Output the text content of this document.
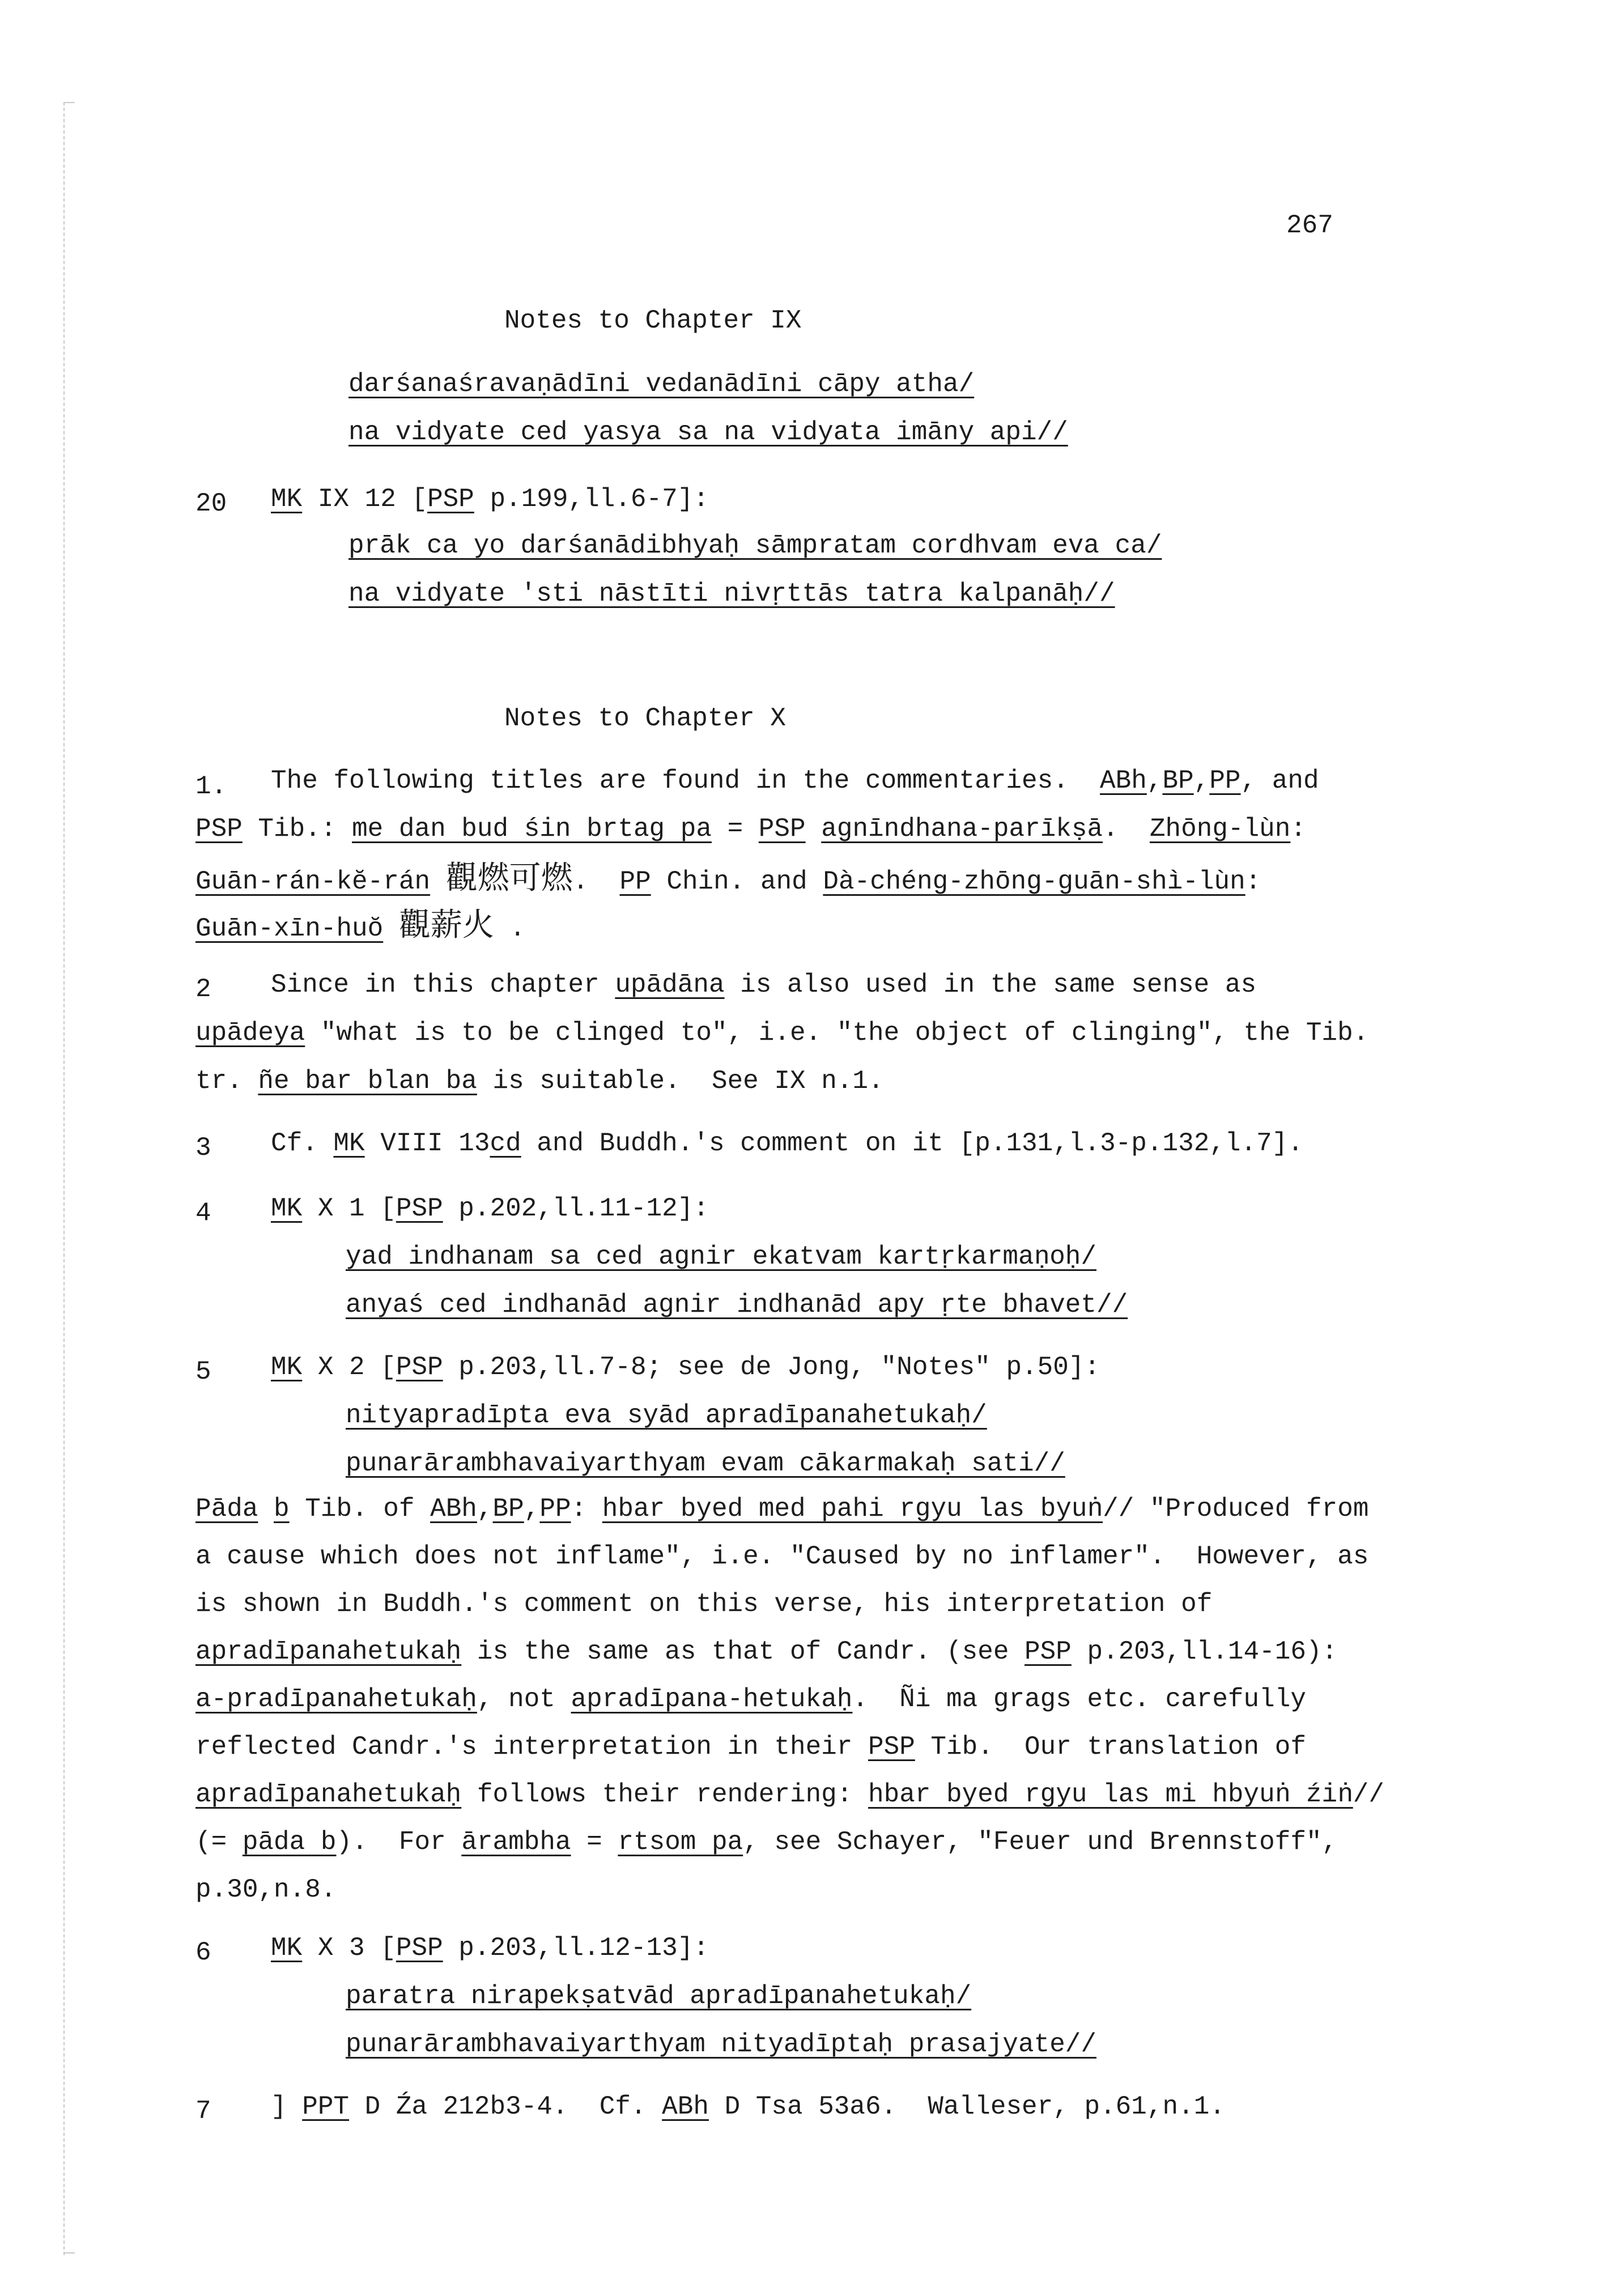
267
Notes to Chapter IX
darśanaśravaṇādīni vedanādīni cāpy atha/
na vidyate ced yasya sa na vidyata imāny api//
20 MK IX 12 [PSP p.199,ll.6-7]:
prāk ca yo darśanādibhyaḥ sāmpratam cordhvam eva ca/
na vidyate 'sti nāstīti nivṛttās tatra kalpanāḥ//
Notes to Chapter X
1. The following titles are found in the commentaries.  ABh,BP,PP, and
PSP Tib.: me dan bud śin brtag pa = PSP agnīndhana-parīkṣā.  Zhōng-lùn:
Guān-rán-kĕ-rán 觀燃可燃.  PP Chin. and Dà-chéng-zhōng-guān-shì-lùn:
Guān-xīn-huŏ 觀薪火 .
2 Since in this chapter upādāna is also used in the same sense as
upādeya "what is to be clinged to", i.e. "the object of clinging", the Tib.
tr. ñe bar blan ba is suitable.  See IX n.1.
3 Cf. MK VIII 13cd and Buddh.'s comment on it [p.131,l.3-p.132,l.7].
4 MK X 1 [PSP p.202,ll.11-12]:
yad indhanam sa ced agnir ekatvam kartṛkarmaṇoḥ/
anyaś ced indhanād agnir indhanād apy ṛte bhavet//
5 MK X 2 [PSP p.203,ll.7-8; see de Jong, "Notes" p.50]:
nityapradīpta eva syād apradīpanahetukaḥ/
punarārambhavaiyarthyam evam cākarmakaḥ sati//
Pāda b Tib. of ABh,BP,PP: hbar byed med pahi rgyu las byuṅ// "Produced from
a cause which does not inflame", i.e. "Caused by no inflamer".  However, as
is shown in Buddh.'s comment on this verse, his interpretation of
apradīpanahetukaḥ is the same as that of Candr. (see PSP p.203,ll.14-16):
a-pradīpanahetukaḥ, not apradīpana-hetukaḥ.  Ñi ma grags etc. carefully
reflected Candr.'s interpretation in their PSP Tib.  Our translation of
apradīpanahetukaḥ follows their rendering: hbar byed rgyu las mi hbyuṅ źiṅ//
(= pāda b).  For ārambha = rtsom pa, see Schayer, "Feuer und Brennstoff",
p.30,n.8.
6 MK X 3 [PSP p.203,ll.12-13]:
paratra nirapekṣatvād apradīpanahetukaḥ/
punarārambhavaiyarthyam nityadīptaḥ prasajyate//
7 ] PPT D Źa 212b3-4.  Cf. ABh D Tsa 53a6.  Walleser, p.61,n.1.
